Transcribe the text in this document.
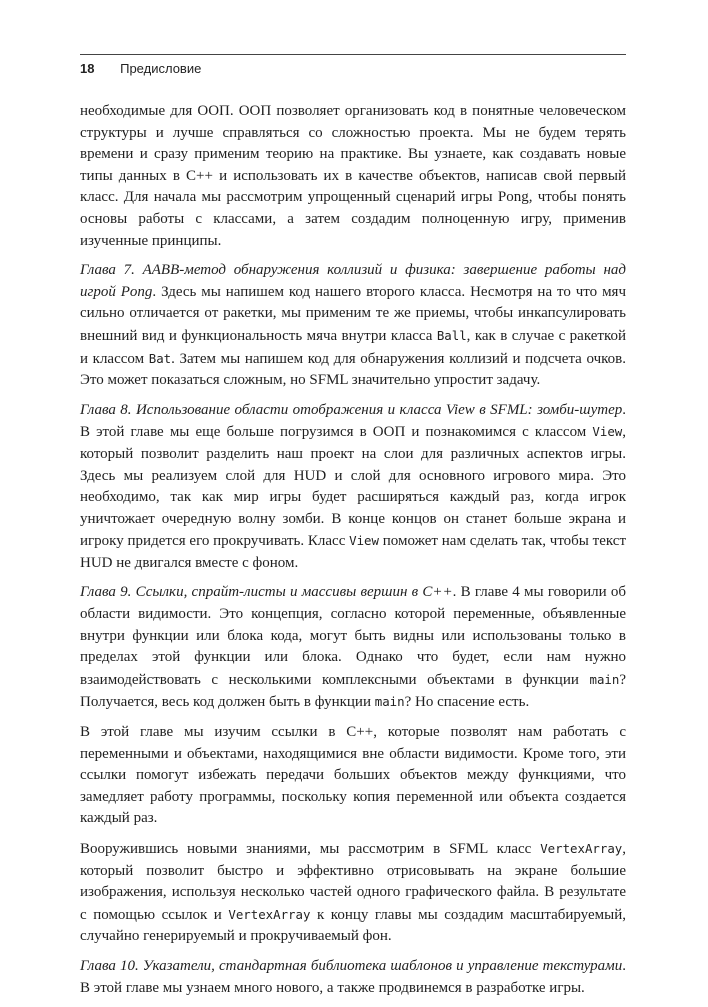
18 Предисловие

необходимые для ООП. ООП позволяет организовать код в понятные человеческом структуры и лучше справляться со сложностью проекта. Мы не будем терять времени и сразу применим теорию на практике. Вы узнаете, как создавать новые типы данных в C++ и использовать их в качестве объектов, написав свой первый класс. Для начала мы рассмотрим упрощенный сценарий игры Pong, чтобы понять основы работы с классами, а затем создадим полноценную игру, применив изученные принципы.

Глава 7. AABB-метод обнаружения коллизий и физика: завершение работы над игрой Pong. Здесь мы напишем код нашего второго класса. Несмотря на то что мяч сильно отличается от ракетки, мы применим те же приемы, чтобы инкапсулировать внешний вид и функциональность мяча внутри класса Ball, как в случае с ракеткой и классом Bat. Затем мы напишем код для обнаружения коллизий и подсчета очков. Это может показаться сложным, но SFML значительно упростит задачу.

Глава 8. Использование области отображения и класса View в SFML: зомби-шутер. В этой главе мы еще больше погрузимся в ООП и познакомимся с классом View, который позволит разделить наш проект на слои для различных аспектов игры. Здесь мы реализуем слой для HUD и слой для основного игрового мира. Это необходимо, так как мир игры будет расширяться каждый раз, когда игрок уничтожает очередную волну зомби. В конце концов он станет больше экрана и игроку придется его прокручивать. Класс View поможет нам сделать так, чтобы текст HUD не двигался вместе с фоном.

Глава 9. Ссылки, спрайт-листы и массивы вершин в C++. В главе 4 мы говорили об области видимости. Это концепция, согласно которой переменные, объявленные внутри функции или блока кода, могут быть видны или использованы только в пределах этой функции или блока. Однако что будет, если нам нужно взаимодействовать с несколькими комплексными объектами в функции main? Получается, весь код должен быть в функции main? Но спасение есть.

В этой главе мы изучим ссылки в C++, которые позволят нам работать с переменными и объектами, находящимися вне области видимости. Кроме того, эти ссылки помогут избежать передачи больших объектов между функциями, что замедляет работу программы, поскольку копия переменной или объекта создается каждый раз.

Вооружившись новыми знаниями, мы рассмотрим в SFML класс VertexArray, который позволит быстро и эффективно отрисовывать на экране большие изображения, используя несколько частей одного графического файла. В результате с помощью ссылок и VertexArray к концу главы мы создадим масштабируемый, случайно генерируемый и прокручиваемый фон.

Глава 10. Указатели, стандартная библиотека шаблонов и управление текстурами. В этой главе мы узнаем много нового, а также продвинемся в разработке игры.
